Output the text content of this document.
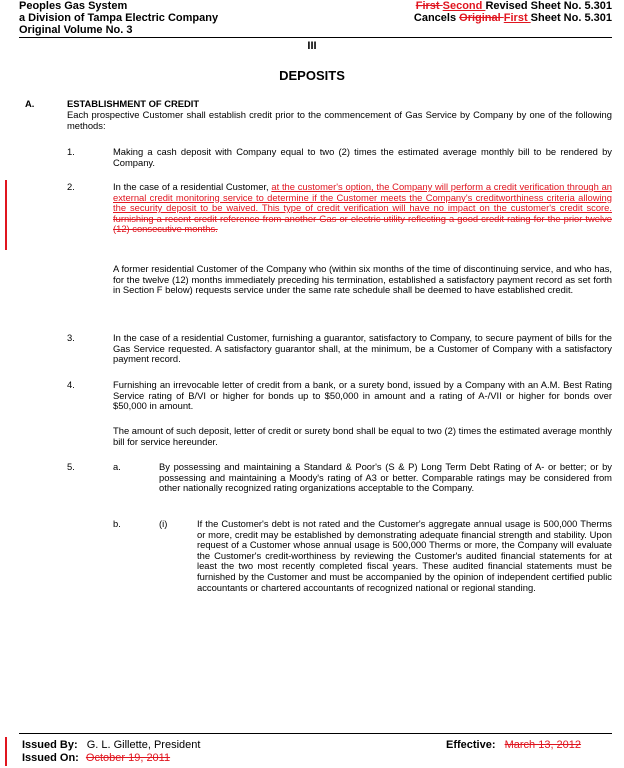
Peoples Gas System
a Division of Tampa Electric Company
Original Volume No. 3
First Second Revised Sheet No. 5.301
Cancels Original First Sheet No. 5.301
III
DEPOSITS
A.	ESTABLISHMENT OF CREDIT
Each prospective Customer shall establish credit prior to the commencement of Gas Service by Company by one of the following methods:
1.	Making a cash deposit with Company equal to two (2) times the estimated average monthly bill to be rendered by Company.
2.	In the case of a residential Customer, at the customer's option, the Company will perform a credit verification through an external credit monitoring service to determine if the Customer meets the Company's creditworthiness criteria allowing the security deposit to be waived. This type of credit verification will have no impact on the customer's credit score. furnishing a recent credit reference from another Gas or electric utility reflecting a good credit rating for the prior twelve (12) consecutive months.
A former residential Customer of the Company who (within six months of the time of discontinuing service, and who has, for the twelve (12) months immediately preceding his termination, established a satisfactory payment record as set forth in Section F below) requests service under the same rate schedule shall be deemed to have established credit.
3.	In the case of a residential Customer, furnishing a guarantor, satisfactory to Company, to secure payment of bills for the Gas Service requested. A satisfactory guarantor shall, at the minimum, be a Customer of Company with a satisfactory payment record.
4.	Furnishing an irrevocable letter of credit from a bank, or a surety bond, issued by a Company with an A.M. Best Rating Service rating of B/VI or higher for bonds up to $50,000 in amount and a rating of A-/VII or higher for bonds over $50,000 in amount.
The amount of such deposit, letter of credit or surety bond shall be equal to two (2) times the estimated average monthly bill for service hereunder.
5.	a.	By possessing and maintaining a Standard & Poor's (S & P) Long Term Debt Rating of A- or better; or by possessing and maintaining a Moody's rating of A3 or better. Comparable ratings may be considered from other nationally recognized rating organizations acceptable to the Company.
b.	(i)	If the Customer's debt is not rated and the Customer's aggregate annual usage is 500,000 Therms or more, credit may be established by demonstrating adequate financial strength and stability. Upon request of a Customer whose annual usage is 500,000 Therms or more, the Company will evaluate the Customer's credit-worthiness by reviewing the Customer's audited financial statements for at least the two most recently completed fiscal years. These audited financial statements must be furnished by the Customer and must be accompanied by the opinion of independent certified public accountants or chartered accountants of recognized national or regional standing.
Issued By: G. L. Gillette, President
Issued On: October 19, 2011
Effective: March 13, 2012
